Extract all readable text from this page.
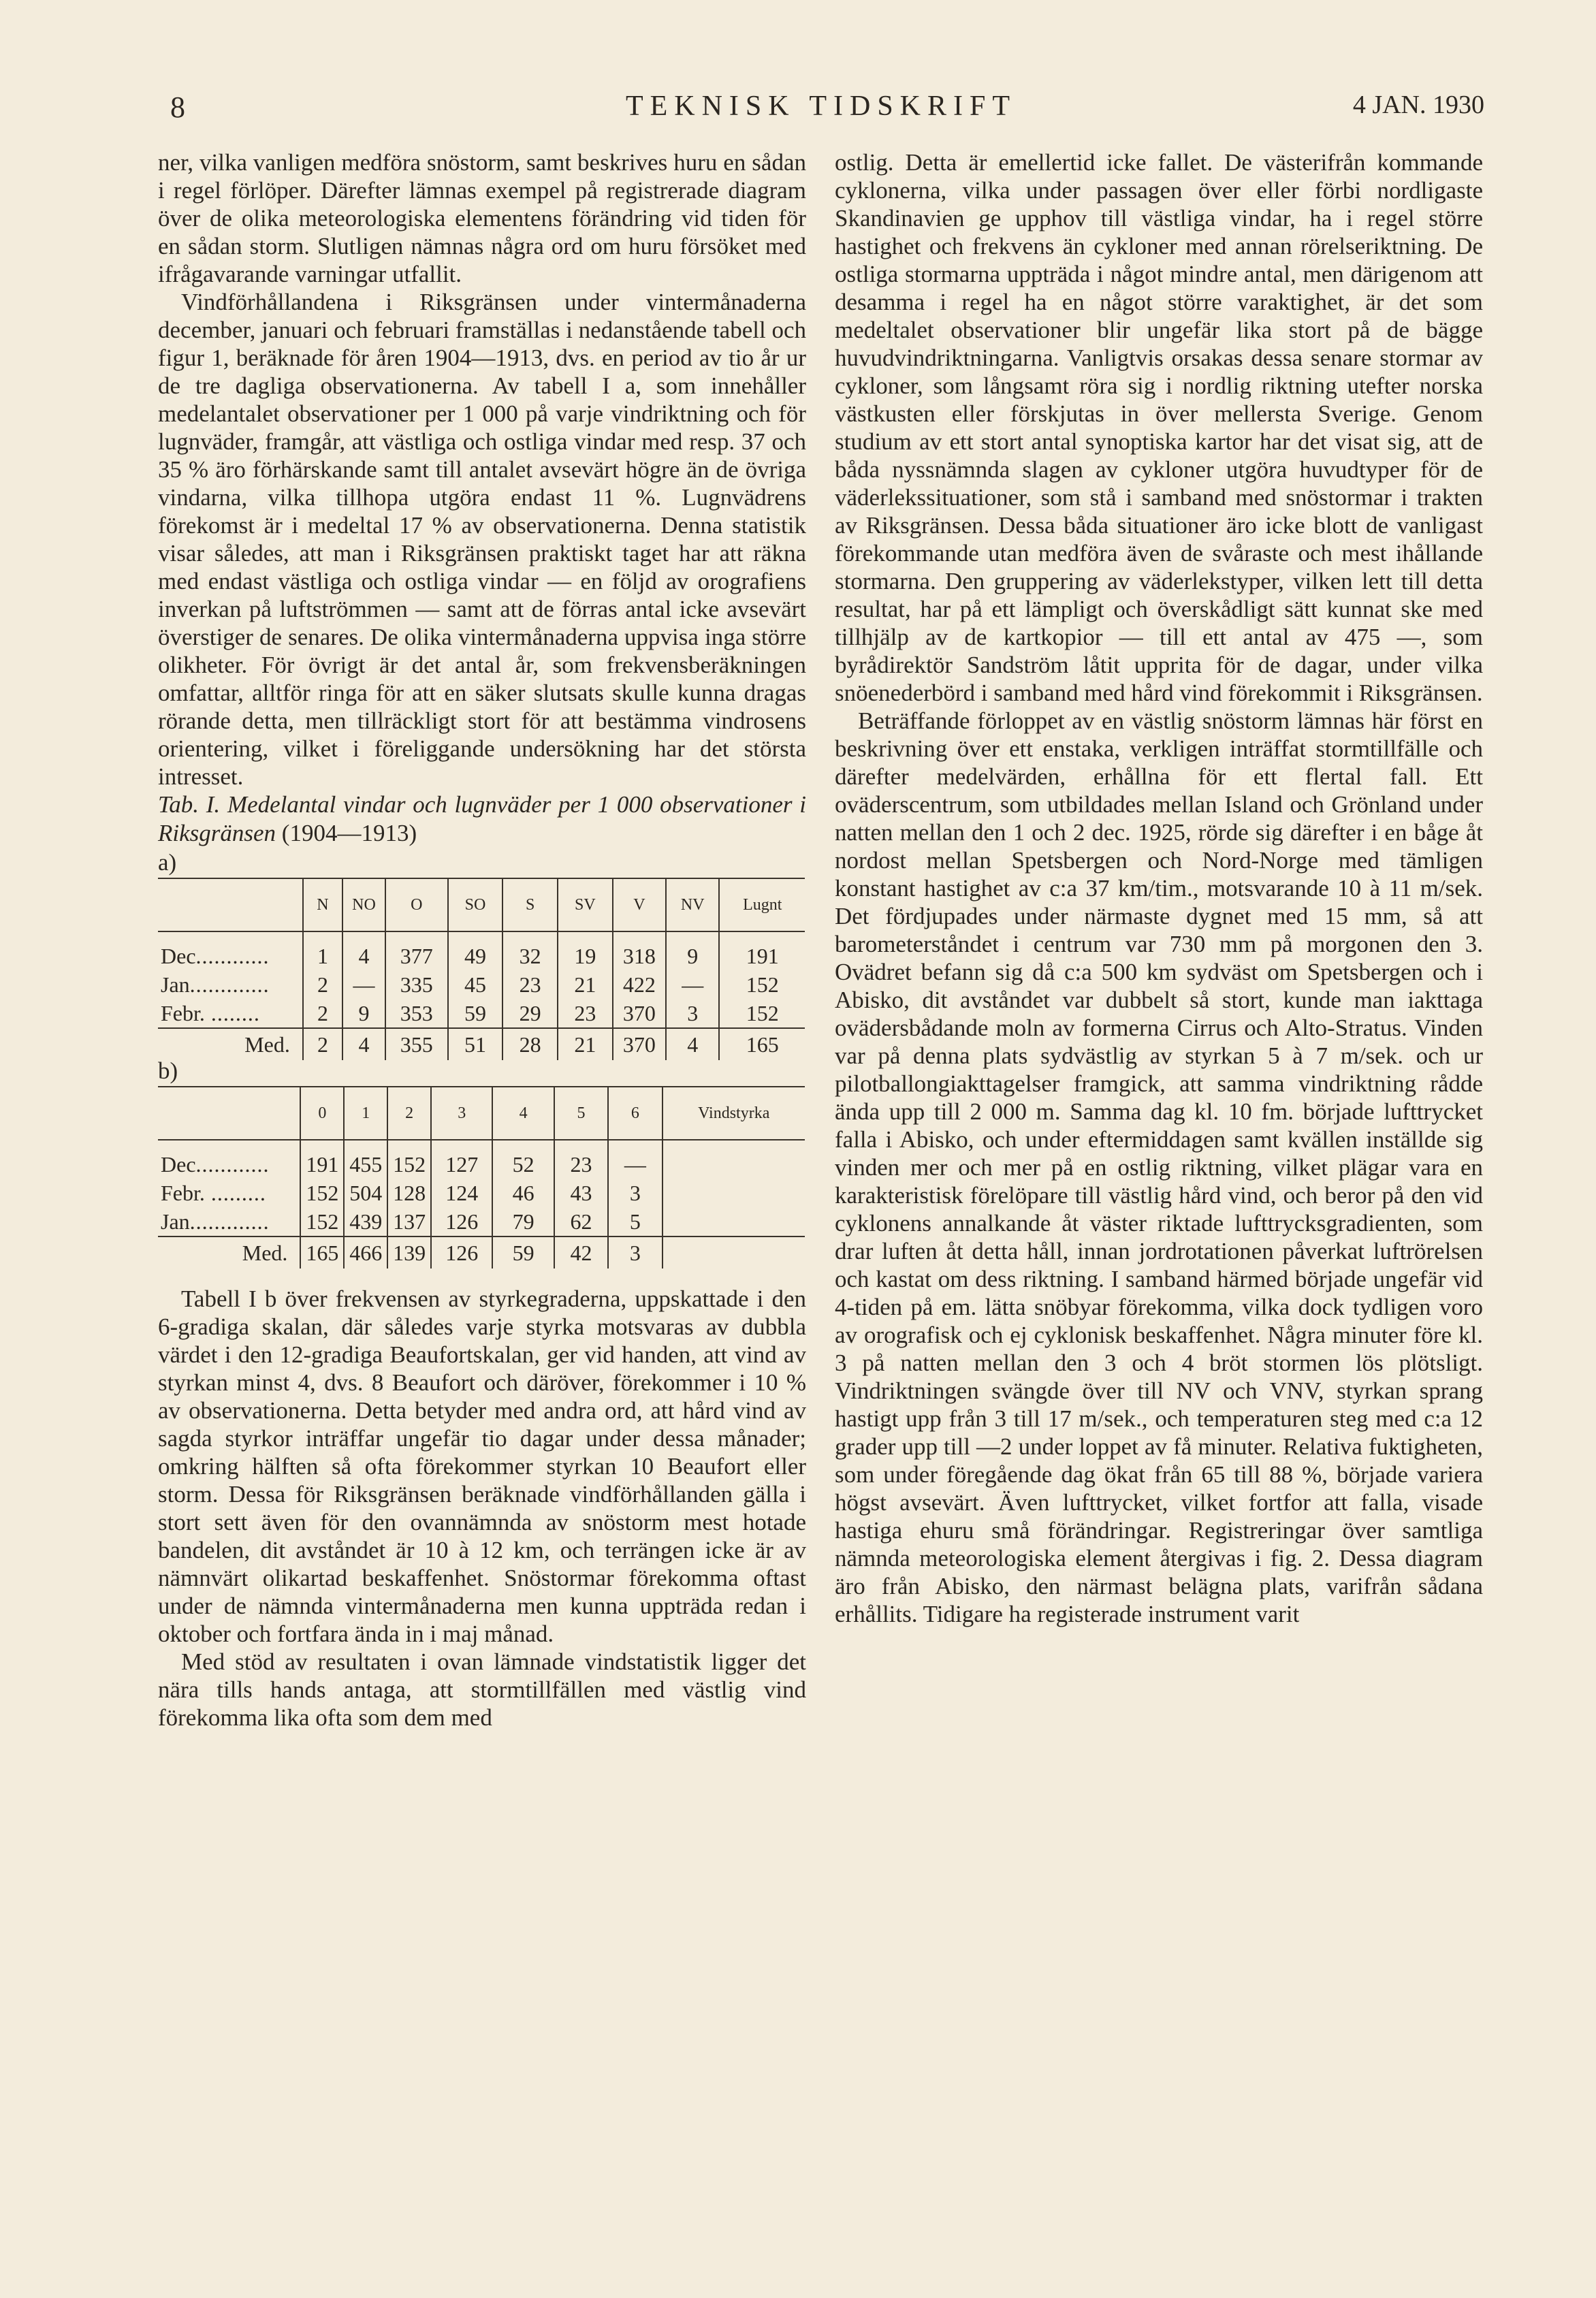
8	TEKNISK TIDSKRIFT	4 JAN. 1930

ner, vilka vanligen medföra snöstorm, samt beskrives huru en sådan i regel förlöper. Därefter lämnas exempel på registrerade diagram över de olika meteorologiska elementens förändring vid tiden för en sådan storm. Slutligen nämnas några ord om huru försöket med ifrågavarande varningar utfallit.

Vindförhållandena i Riksgränsen under vintermånaderna december, januari och februari framställas i nedanstående tabell och figur 1, beräknade för åren 1904—1913, dvs. en period av tio år ur de tre dagliga observationerna. Av tabell I a, som innehåller medelantalet observationer per 1 000 på varje vindriktning och för lugnväder, framgår, att västliga och ostliga vindar med resp. 37 och 35 % äro förhärskande samt till antalet avsevärt högre än de övriga vindarna, vilka tillhopa utgöra endast 11 %. Lugnvädrens förekomst är i medeltal 17 % av observationerna. Denna statistik visar således, att man i Riksgränsen praktiskt taget har att räkna med endast västliga och ostliga vindar — en följd av orografiens inverkan på luftströmmen — samt att de förras antal icke avsevärt överstiger de senares. De olika vintermånaderna uppvisa inga större olikheter. För övrigt är det antal år, som frekvensberäkningen omfattar, alltför ringa för att en säker slutsats skulle kunna dragas rörande detta, men tillräckligt stort för att bestämma vindrosens orientering, vilket i föreliggande undersökning har det största intresset.

Tab. I. Medelantal vindar och lugnväder per 1 000 observationer i Riksgränsen (1904—1913)

a)

	N	NO	O	SO	S	SV	V	NV	Lugnt
Dec............	1	4	377	49	32	19	318	9	191
Jan.............	2	—	335	45	23	21	422	—	152
Febr. ........	2	9	353	59	29	23	370	3	152
Med.	2	4	355	51	28	21	370	4	165

b)

	0	1	2	3	4	5	6	Vindstyrka
Dec............	191	455	152	127	52	23	—	
Febr. .........	152	504	128	124	46	43	3	
Jan.............	152	439	137	126	79	62	5	
Med.	165	466	139	126	59	42	3	

Tabell I b över frekvensen av styrkegraderna, uppskattade i den 6-gradiga skalan, där således varje styrka motsvaras av dubbla värdet i den 12-gradiga Beaufortskalan, ger vid handen, att vind av styrkan minst 4, dvs. 8 Beaufort och däröver, förekommer i 10 % av observationerna. Detta betyder med andra ord, att hård vind av sagda styrkor inträffar ungefär tio dagar under dessa månader; omkring hälften så ofta förekommer styrkan 10 Beaufort eller storm. Dessa för Riksgränsen beräknade vindförhållanden gälla i stort sett även för den ovannämnda av snöstorm mest hotade bandelen, dit avståndet är 10 à 12 km, och terrängen icke är av nämnvärt olikartad beskaffenhet. Snöstormar förekomma oftast under de nämnda vintermånaderna men kunna uppträda redan i oktober och fortfara ända in i maj månad.

Med stöd av resultaten i ovan lämnade vindstatistik ligger det nära tills hands antaga, att stormtillfällen med västlig vind förekomma lika ofta som dem med

ostlig. Detta är emellertid icke fallet. De västerifrån kommande cyklonerna, vilka under passagen över eller förbi nordligaste Skandinavien ge upphov till västliga vindar, ha i regel större hastighet och frekvens än cykloner med annan rörelseriktning. De ostliga stormarna uppträda i något mindre antal, men därigenom att desamma i regel ha en något större varaktighet, är det som medeltalet observationer blir ungefär lika stort på de bägge huvudvindriktningarna. Vanligtvis orsakas dessa senare stormar av cykloner, som långsamt röra sig i nordlig riktning utefter norska västkusten eller förskjutas in över mellersta Sverige. Genom studium av ett stort antal synoptiska kartor har det visat sig, att de båda nyssnämnda slagen av cykloner utgöra huvudtyper för de väderlekssituationer, som stå i samband med snöstormar i trakten av Riksgränsen. Dessa båda situationer äro icke blott de vanligast förekommande utan medföra även de svåraste och mest ihållande stormarna. Den gruppering av väderlekstyper, vilken lett till detta resultat, har på ett lämpligt och överskådligt sätt kunnat ske med tillhjälp av de kartkopior — till ett antal av 475 —, som byrådirektör Sandström låtit upprita för de dagar, under vilka snöenederbörd i samband med hård vind förekommit i Riksgränsen.

Beträffande förloppet av en västlig snöstorm lämnas här först en beskrivning över ett enstaka, verkligen inträffat stormtillfälle och därefter medelvärden, erhållna för ett flertal fall. Ett oväderscentrum, som utbildades mellan Island och Grönland under natten mellan den 1 och 2 dec. 1925, rörde sig därefter i en båge åt nordost mellan Spetsbergen och Nord-Norge med tämligen konstant hastighet av c:a 37 km/tim., motsvarande 10 à 11 m/sek. Det fördjupades under närmaste dygnet med 15 mm, så att barometerståndet i centrum var 730 mm på morgonen den 3. Ovädret befann sig då c:a 500 km sydväst om Spetsbergen och i Abisko, dit avståndet var dubbelt så stort, kunde man iakttaga ovädersbådande moln av formerna Cirrus och Alto-Stratus. Vinden var på denna plats sydvästlig av styrkan 5 à 7 m/sek. och ur pilotballongiakttagelser framgick, att samma vindriktning rådde ända upp till 2 000 m. Samma dag kl. 10 fm. började lufttrycket falla i Abisko, och under eftermiddagen samt kvällen inställde sig vinden mer och mer på en ostlig riktning, vilket plägar vara en karakteristisk förelöpare till västlig hård vind, och beror på den vid cyklonens annalkande åt väster riktade lufttrycksgradienten, som drar luften åt detta håll, innan jordrotationen påverkat luftrörelsen och kastat om dess riktning. I samband härmed började ungefär vid 4-tiden på em. lätta snöbyar förekomma, vilka dock tydligen voro av orografisk och ej cyklonisk beskaffenhet. Några minuter före kl. 3 på natten mellan den 3 och 4 bröt stormen lös plötsligt. Vindriktningen svängde över till NV och VNV, styrkan sprang hastigt upp från 3 till 17 m/sek., och temperaturen steg med c:a 12 grader upp till —2 under loppet av få minuter. Relativa fuktigheten, som under föregående dag ökat från 65 till 88 %, började variera högst avsevärt. Även lufttrycket, vilket fortfor att falla, visade hastiga ehuru små förändringar. Registreringar över samtliga nämnda meteorologiska element återgivas i fig. 2. Dessa diagram äro från Abisko, den närmast belägna plats, varifrån sådana erhållits. Tidigare ha registerade instrument varit
